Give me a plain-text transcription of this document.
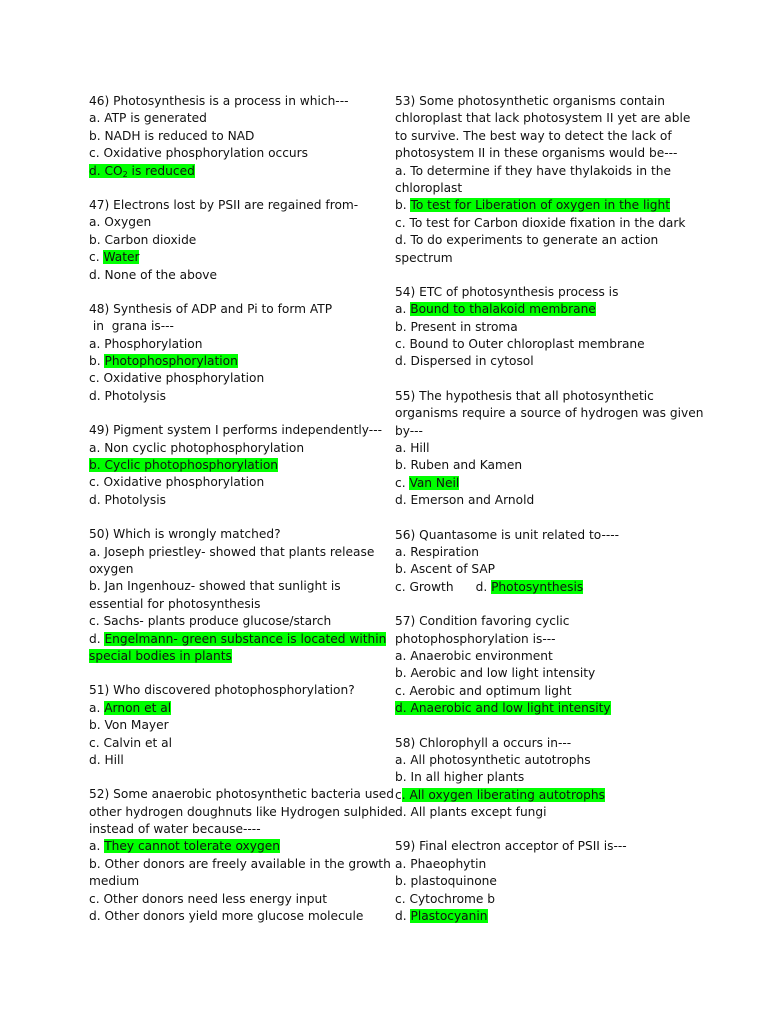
46) Photosynthesis is a process in which---
a. ATP is generated
b. NADH is reduced to NAD
c. Oxidative phosphorylation occurs
d. $CO_2$ is reduced
47) Electrons lost by PSII are regained from-
a. Oxygen
b. Carbon dioxide
c. Water
d. None of the above
48) Synthesis of ADP and Pi to form ATP
in  grana is---
a. Phosphorylation
b. Photophosphorylation
c. Oxidative phosphorylation
d. Photolysis
49) Pigment system I performs independently---
a. Non cyclic photophosphorylation
b. Cyclic photophosphorylation
c. Oxidative phosphorylation
d. Photolysis
50) Which is wrongly matched?
a. Joseph priestley- showed that plants release
oxygen
b. Jan Ingenhouz- showed that sunlight is
essential for photosynthesis
c. Sachs- plants produce glucose/starch
d. Engelmann- green substance is located within
special bodies in plants
51) Who discovered photophosphorylation?
a. Arnon et al
b. Von Mayer
c. Calvin et al
d. Hill
52) Some anaerobic photosynthetic bacteria used
other hydrogen doughnuts like Hydrogen sulphide
instead of water because----
a. They cannot tolerate oxygen
b. Other donors are freely available in the growth
medium
c. Other donors need less energy input
d. Other donors yield more glucose molecule
53) Some photosynthetic organisms contain
chloroplast that lack photosystem II yet are able
to survive. The best way to detect the lack of
photosystem II in these organisms would be---
a. To determine if they have thylakoids in the
chloroplast
b. To test for Liberation of oxygen in the light
c. To test for Carbon dioxide fixation in the dark
d. To do experiments to generate an action
spectrum
54) ETC of photosynthesis process is
a. Bound to thalakoid membrane
b. Present in stroma
c. Bound to Outer chloroplast membrane
d. Dispersed in cytosol
55) The hypothesis that all photosynthetic
organisms require a source of hydrogen was given
by---
a. Hill
b. Ruben and Kamen
c. Van Neil
d. Emerson and Arnold
56) Quantasome is unit related to----
a. Respiration
b. Ascent of SAP
c. Growth d. Photosynthesis
57) Condition favoring cyclic
photophosphorylation is---
a. Anaerobic environment
b. Aerobic and low light intensity
c. Aerobic and optimum light
d. Anaerobic and low light intensity
58) Chlorophyll a occurs in---
a. All photosynthetic autotrophs
b. In all higher plants
c. All oxygen liberating autotrophs
d. All plants except fungi
59) Final electron acceptor of PSII is---
a. Phaeophytin
b. plastoquinone
c. Cytochrome b
d. Plastocyanin
